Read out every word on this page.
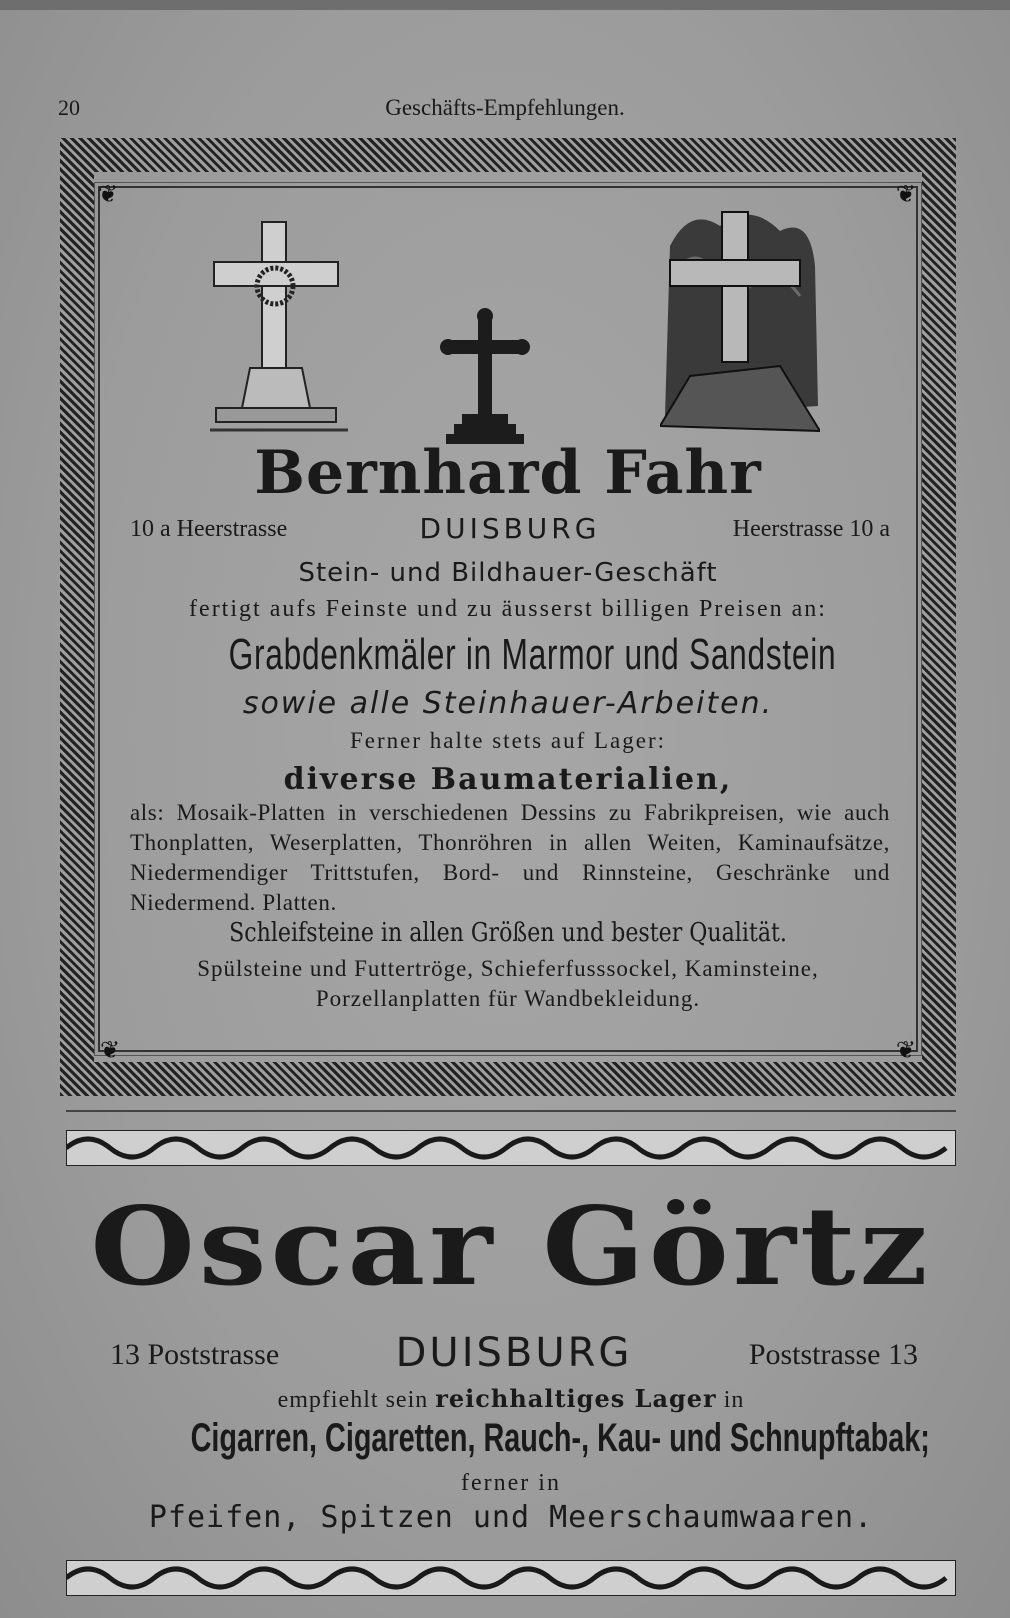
20	Geschäfts-Empfehlungen.
❦	❦
❦	❦
Bernhard Fahr
10 a Heerstrasse	DUISBURG	Heerstrasse 10 a
Stein- und Bildhauer-Geschäft
fertigt aufs Feinste und zu äusserst billigen Preisen an:
Grabdenkmäler in Marmor und Sandstein
sowie alle Steinhauer-Arbeiten.
Ferner halte stets auf Lager:
diverse Baumaterialien,
als: Mosaik-Platten in verschiedenen Dessins zu Fabrikpreisen, wie auch Thonplatten, Weserplatten, Thonröhren in allen Weiten, Kaminaufsätze, Niedermendiger Trittstufen, Bord- und Rinnsteine, Geschränke und Niedermend. Platten.
Schleifsteine in allen Größen und bester Qualität.
Spülsteine und Futtertröge, Schieferfusssockel, Kaminsteine,
Porzellanplatten für Wandbekleidung.
Oscar Görtz
13 Poststrasse	DUISBURG	Poststrasse 13
empfiehlt sein reichhaltiges Lager in
Cigarren, Cigaretten, Rauch-, Kau- und Schnupftabak;
ferner in
Pfeifen, Spitzen und Meerschaumwaaren.
